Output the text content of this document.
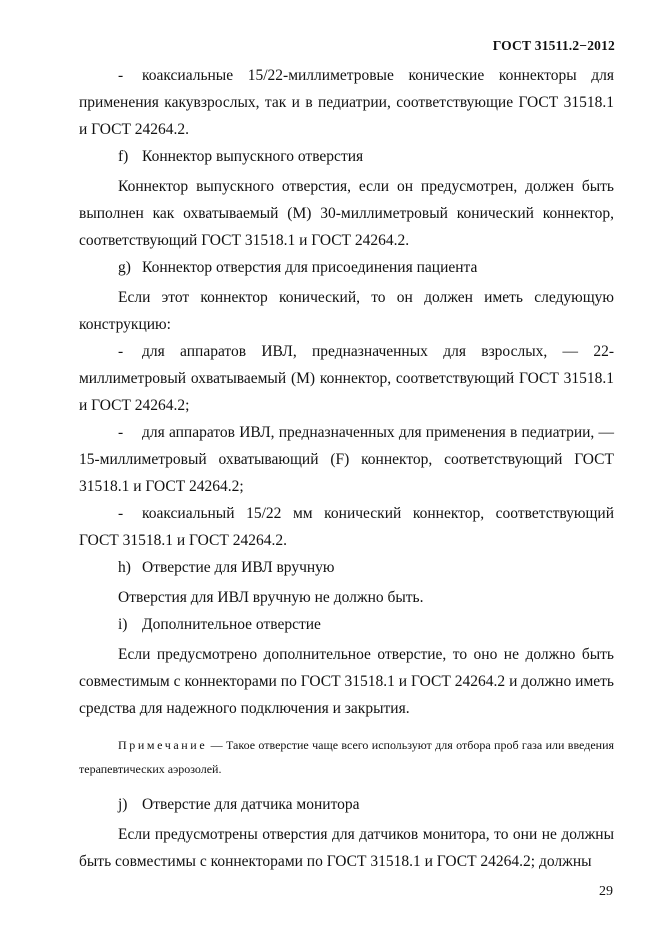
ГОСТ 31511.2−2012

- коаксиальные 15/22-миллиметровые конические коннекторы для применения какувзрослых, так и в педиатрии, соответствующие ГОСТ 31518.1 и ГОСТ 24264.2.

f) Коннектор выпускного отверстия

Коннектор выпускного отверстия, если он предусмотрен, должен быть выполнен как охватываемый (М) 30-миллиметровый конический коннектор, соответствующий ГОСТ 31518.1 и ГОСТ 24264.2.

g) Коннектор отверстия для присоединения пациента

Если этот коннектор конический, то он должен иметь следующую конструкцию:

- для аппаратов ИВЛ, предназначенных для взрослых, — 22-миллиметровый охватываемый (М) коннектор, соответствующий ГОСТ 31518.1 и ГОСТ 24264.2;

- для аппаратов ИВЛ, предназначенных для применения в педиатрии, — 15-миллиметровый охватывающий (F) коннектор, соответствующий ГОСТ 31518.1 и ГОСТ 24264.2;

- коаксиальный 15/22 мм конический коннектор, соответствующий ГОСТ 31518.1 и ГОСТ 24264.2.

h) Отверстие для ИВЛ вручную

Отверстия для ИВЛ вручную не должно быть.

i) Дополнительное отверстие

Если предусмотрено дополнительное отверстие, то оно не должно быть совместимым с коннекторами по ГОСТ 31518.1 и ГОСТ 24264.2 и должно иметь средства для надежного подключения и закрытия.

Примечание — Такое отверстие чаще всего используют для отбора проб газа или введения терапевтических аэрозолей.

j) Отверстие для датчика монитора

Если предусмотрены отверстия для датчиков монитора, то они не должны быть совместимы с коннекторами по ГОСТ 31518.1 и ГОСТ 24264.2; должны

29
